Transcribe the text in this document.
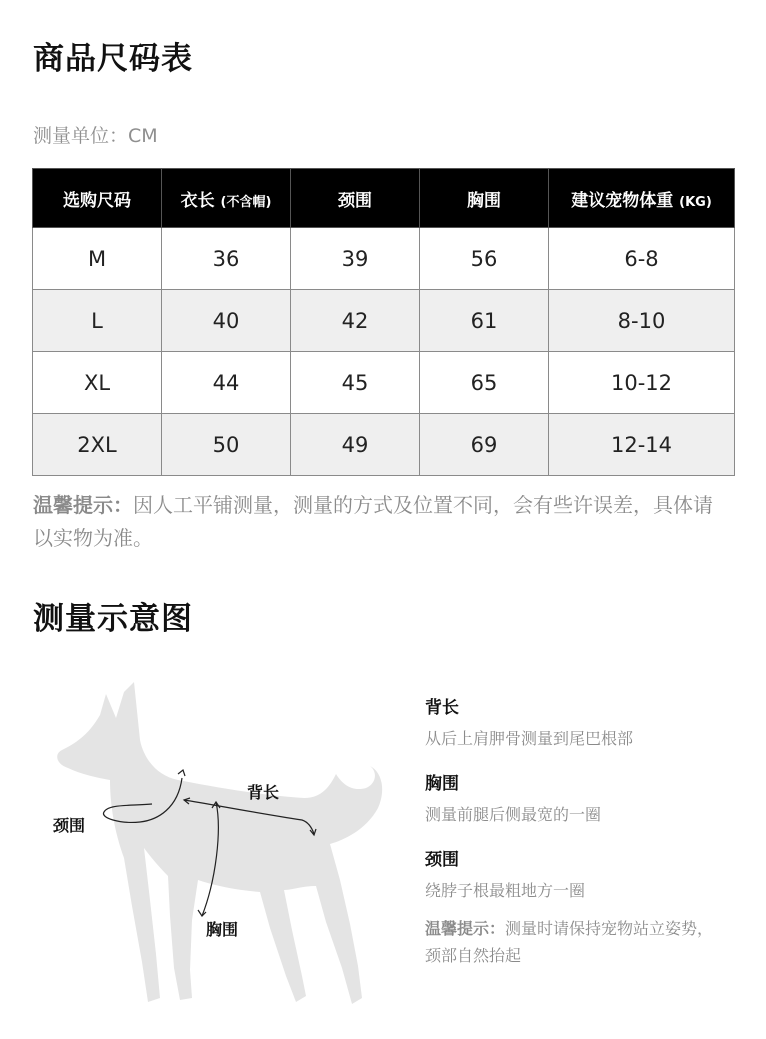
商品尺码表
测量单位：CM
选购尺码	衣长 (不含帽)	颈围	胸围	建议宠物体重 (KG)
M	36	39	56	6-8
L	40	42	61	8-10
XL	44	45	65	10-12
2XL	50	49	69	12-14
温馨提示：因人工平铺测量，测量的方式及位置不同，会有些许误差，具体请以实物为准。
测量示意图
背长
颈围
胸围
背长
从后上肩胛骨测量到尾巴根部
胸围
测量前腿后侧最宽的一圈
颈围
绕脖子根最粗地方一圈
温馨提示：测量时请保持宠物站立姿势，颈部自然抬起
